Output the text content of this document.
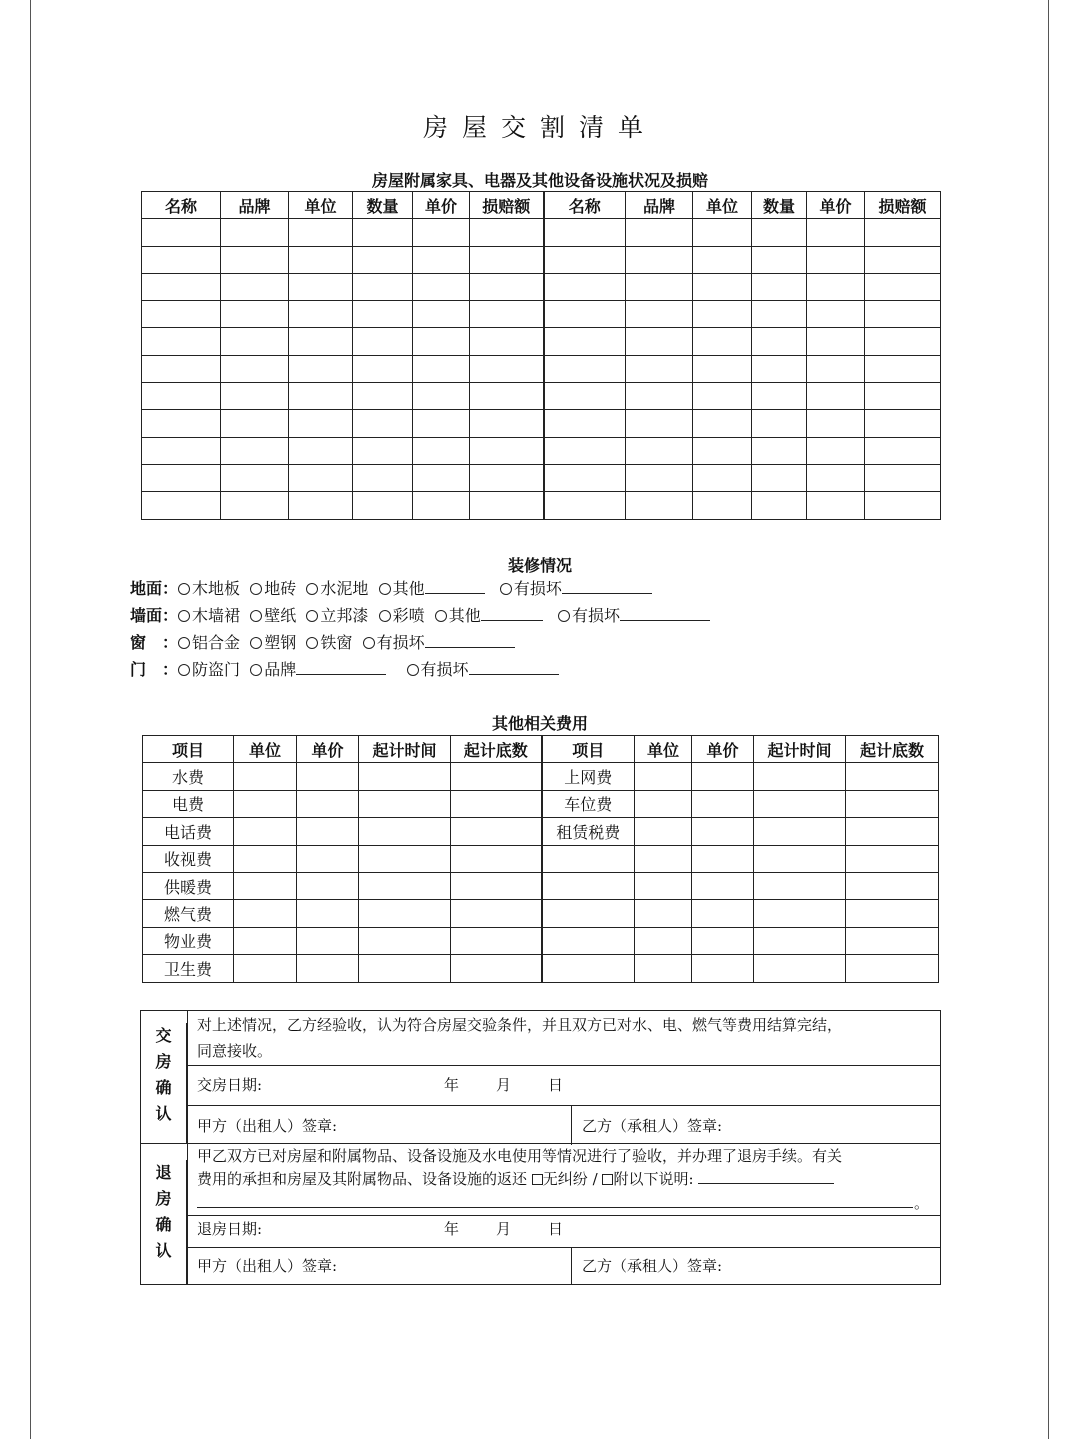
房屋交割清单
房屋附属家具、电器及其他设备设施状况及损赔
名称	品牌	单位	数量	单价	损赔额	名称	品牌	单位	数量	单价	损赔额

装修情况
地面： 木地板 地砖 水泥地 其他	有损坏
墙面： 木墙裙 壁纸 立邦漆 彩喷 其他	有损坏
窗　： 铝合金 塑钢 铁窗 有损坏
门　： 防盗门 品牌	有损坏
其他相关费用
项目	单位	单价	起计时间	起计底数	项目	单位	单价	起计时间	起计底数
水费					上网费				
电费					车位费				
电话费					租赁税费				
收视费									
供暖费									
燃气费									
物业费									
卫生费									
交
房
确
认
对上述情况，乙方经验收，认为符合房屋交验条件，并且双方已对水、电、燃气等费用结算完结，
同意接收。
交房日期:	年 月 日
甲方（出租人）签章:	乙方（承租人）签章:
退
房
确
认
甲乙双方已对房屋和附属物品、设备设施及水电使用等情况进行了验收，并办理了退房手续。有关
费用的承担和房屋及其附属物品、设备设施的返还 无纠纷 / 附以下说明:
。
退房日期:	年 月 日
甲方（出租人）签章:	乙方（承租人）签章:
